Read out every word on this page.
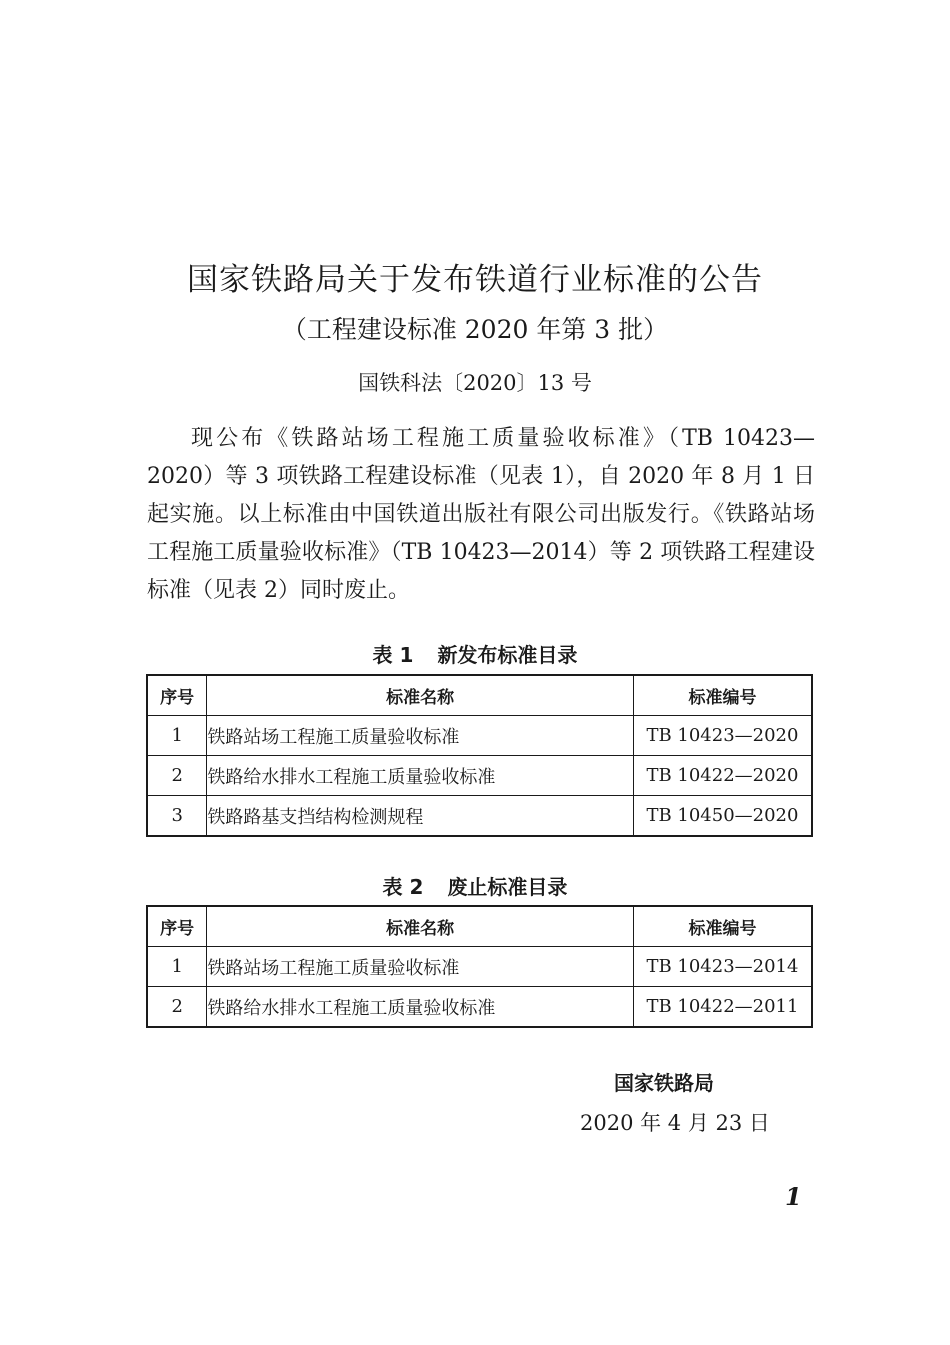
国家铁路局关于发布铁道行业标准的公告
（工程建设标准 2020 年第 3 批）
国铁科法〔2020〕13 号

现公布《铁路站场工程施工质量验收标准》（TB 10423—2020）等 3 项铁路工程建设标准（见表 1），自 2020 年 8 月 1 日起实施。以上标准由中国铁道出版社有限公司出版发行。《铁路站场工程施工质量验收标准》（TB 10423—2014）等 2 项铁路工程建设标准（见表 2）同时废止。

表 1 新发布标准目录
序号	标准名称	标准编号
1	铁路站场工程施工质量验收标准	TB 10423—2020
2	铁路给水排水工程施工质量验收标准	TB 10422—2020
3	铁路路基支挡结构检测规程	TB 10450—2020
表 2 废止标准目录
序号	标准名称	标准编号
1	铁路站场工程施工质量验收标准	TB 10423—2014
2	铁路给水排水工程施工质量验收标准	TB 10422—2011
国家铁路局
2020 年 4 月 23 日
1
